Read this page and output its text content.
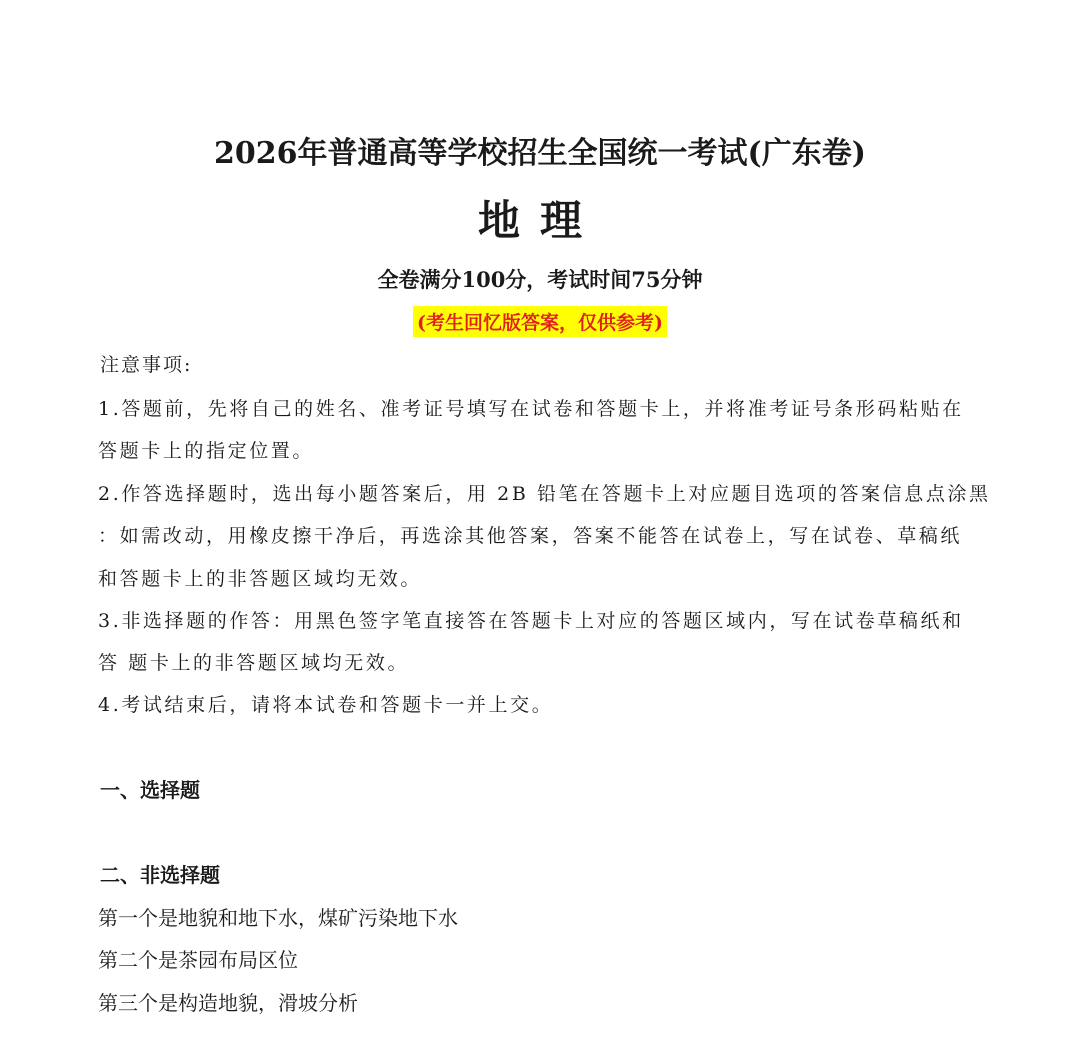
2026年普通高等学校招生全国统一考试(广东卷)
地理
全卷满分100分，考试时间75分钟
(考生回忆版答案，仅供参考)
注意事项:
1.答题前，先将自己的姓名、准考证号填写在试卷和答题卡上，并将准考证号条形码粘贴在
答题卡上的指定位置。
2.作答选择题时，选出每小题答案后，用 2B 铅笔在答题卡上对应题目选项的答案信息点涂黑
：如需改动，用橡皮擦干净后，再选涂其他答案，答案不能答在试卷上，写在试卷、草稿纸
和答题卡上的非答题区域均无效。
3.非选择题的作答：用黑色签字笔直接答在答题卡上对应的答题区域内，写在试卷草稿纸和
答 题卡上的非答题区域均无效。
4.考试结束后，请将本试卷和答题卡一并上交。
一、选择题
二、非选择题
第一个是地貌和地下水，煤矿污染地下水
第二个是茶园布局区位
第三个是构造地貌，滑坡分析
